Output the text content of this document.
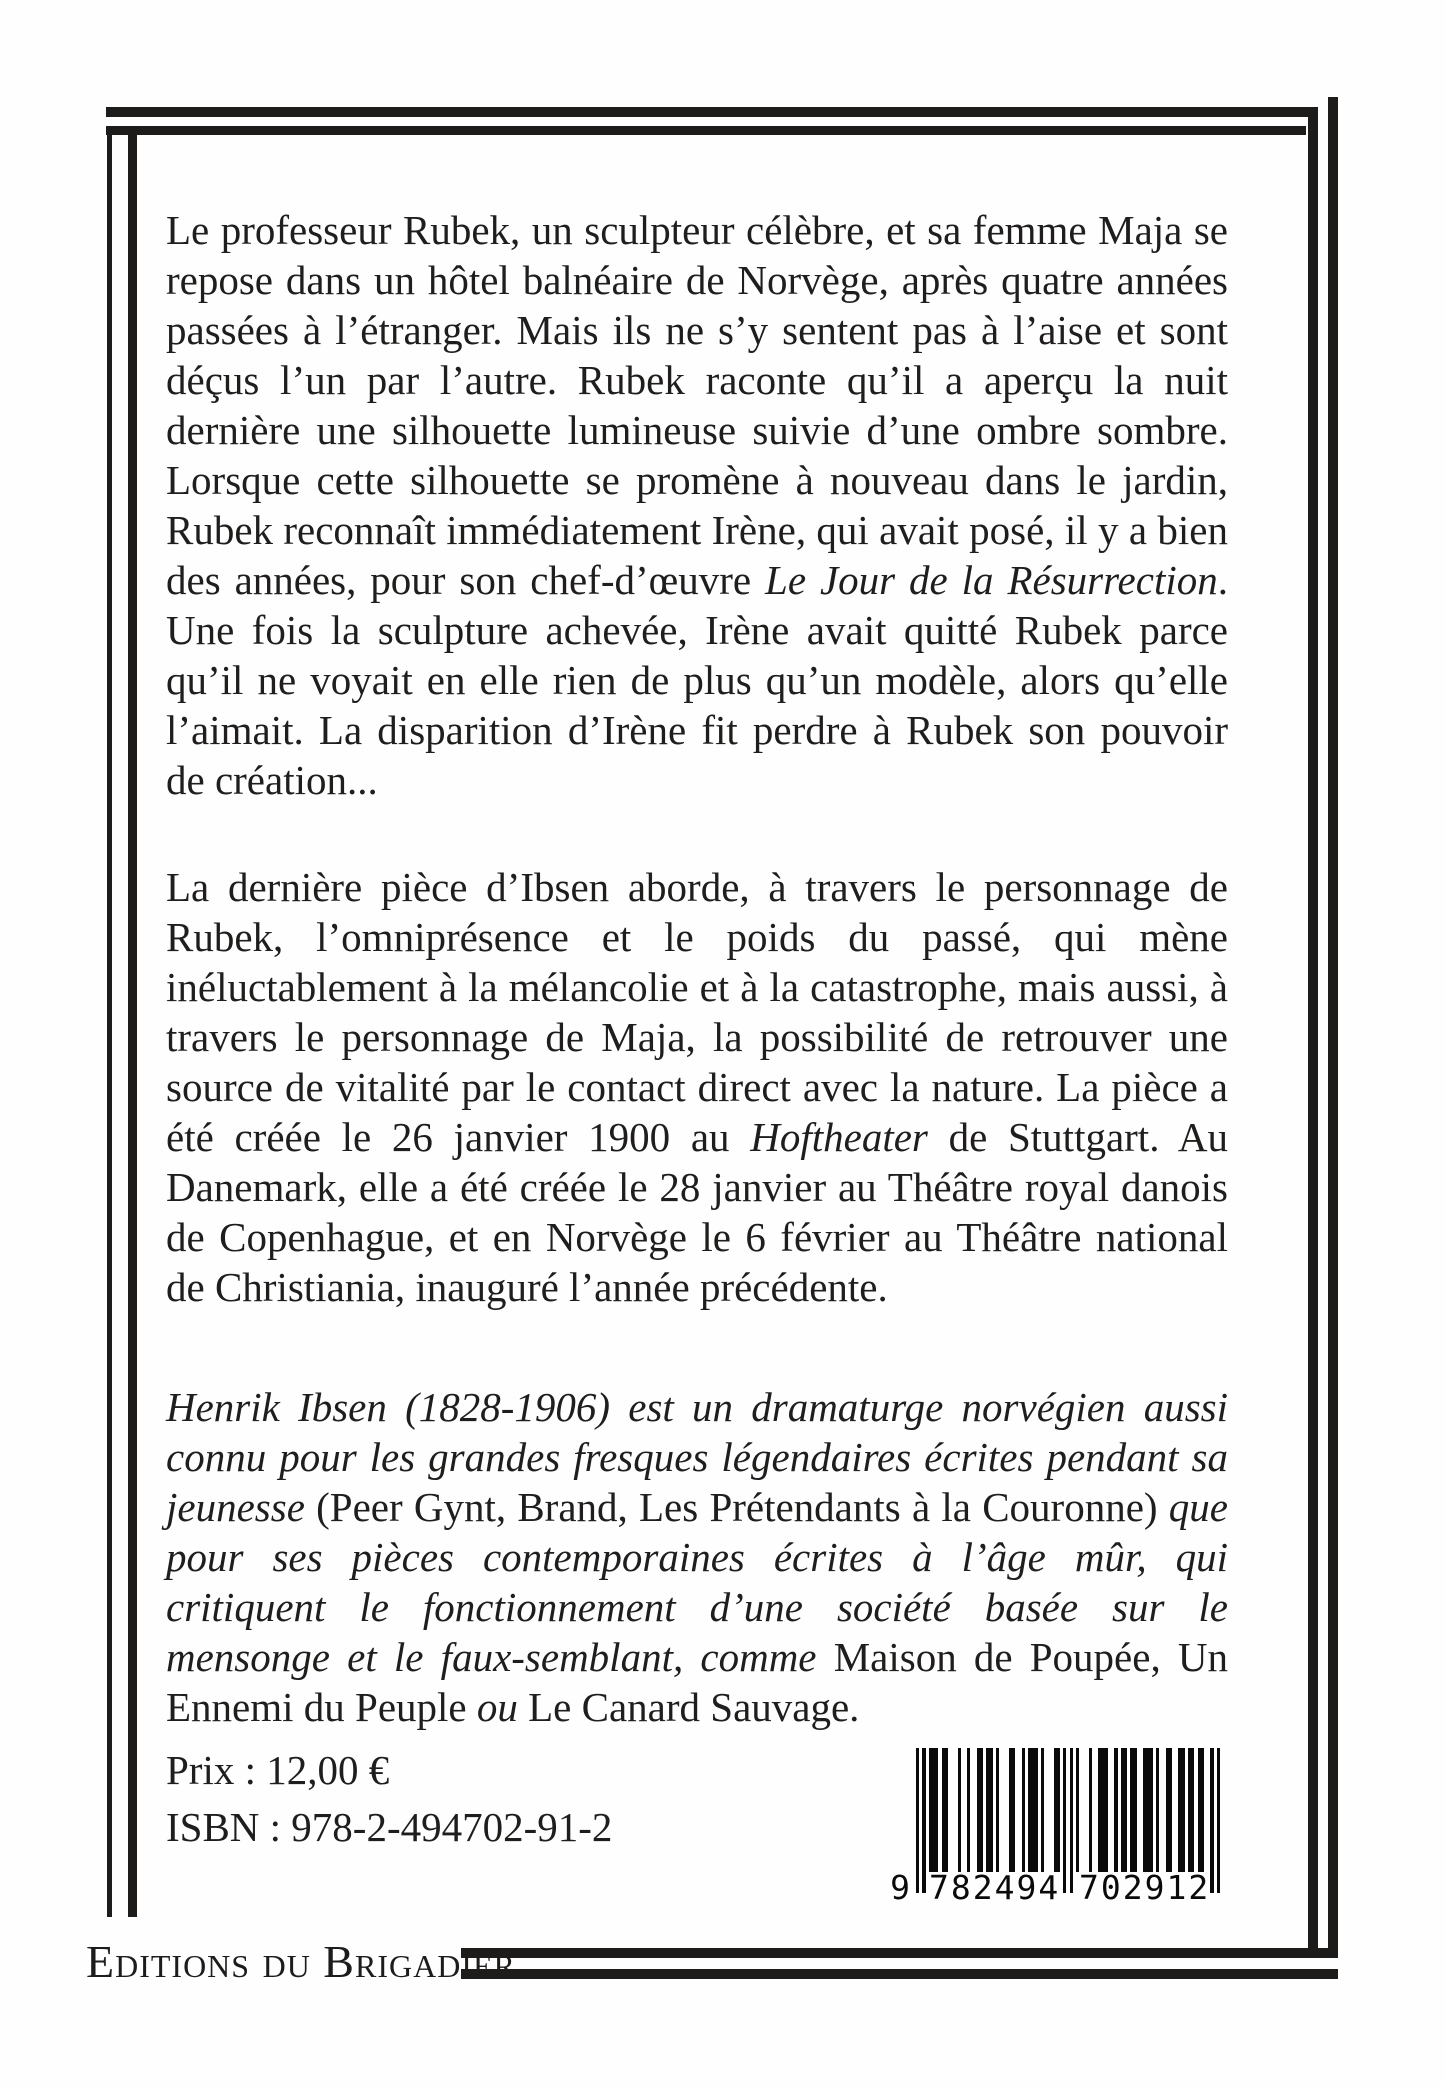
Le professeur Rubek, un sculpteur célèbre, et sa femme Maja se repose dans un hôtel balnéaire de Norvège, après quatre années passées à l’étranger. Mais ils ne s’y sentent pas à l’aise et sont déçus l’un par l’autre. Rubek raconte qu’il a aperçu la nuit dernière une silhouette lumineuse suivie d’une ombre sombre. Lorsque cette silhouette se promène à nouveau dans le jardin, Rubek reconnaît immédiatement Irène, qui avait posé, il y a bien des années, pour son chef-d’œuvre Le Jour de la Résurrection. Une fois la sculpture achevée, Irène avait quitté Rubek parce qu’il ne voyait en elle rien de plus qu’un modèle, alors qu’elle l’aimait. La disparition d’Irène fit perdre à Rubek son pouvoir de création...

La dernière pièce d’Ibsen aborde, à travers le personnage de Rubek, l’omniprésence et le poids du passé, qui mène inéluctablement à la mélancolie et à la catastrophe, mais aussi, à travers le personnage de Maja, la possibilité de retrouver une source de vitalité par le contact direct avec la nature. La pièce a été créée le 26 janvier 1900 au Hoftheater de Stuttgart. Au Danemark, elle a été créée le 28 janvier au Théâtre royal danois de Copenhague, et en Norvège le 6 février au Théâtre national de Christiania, inauguré l’année précédente.

Henrik Ibsen (1828-1906) est un dramaturge norvégien aussi connu pour les grandes fresques légendaires écrites pendant sa jeunesse (Peer Gynt, Brand, Les Prétendants à la Couronne) que pour ses pièces contemporaines écrites à l’âge mûr, qui critiquent le fonctionnement d’une société basée sur le mensonge et le faux-semblant, comme Maison de Poupée, Un Ennemi du Peuple ou Le Canard Sauvage.

Prix : 12,00 €
ISBN : 978-2-494702-91-2
9 782494 702912
Editions du Brigadier
